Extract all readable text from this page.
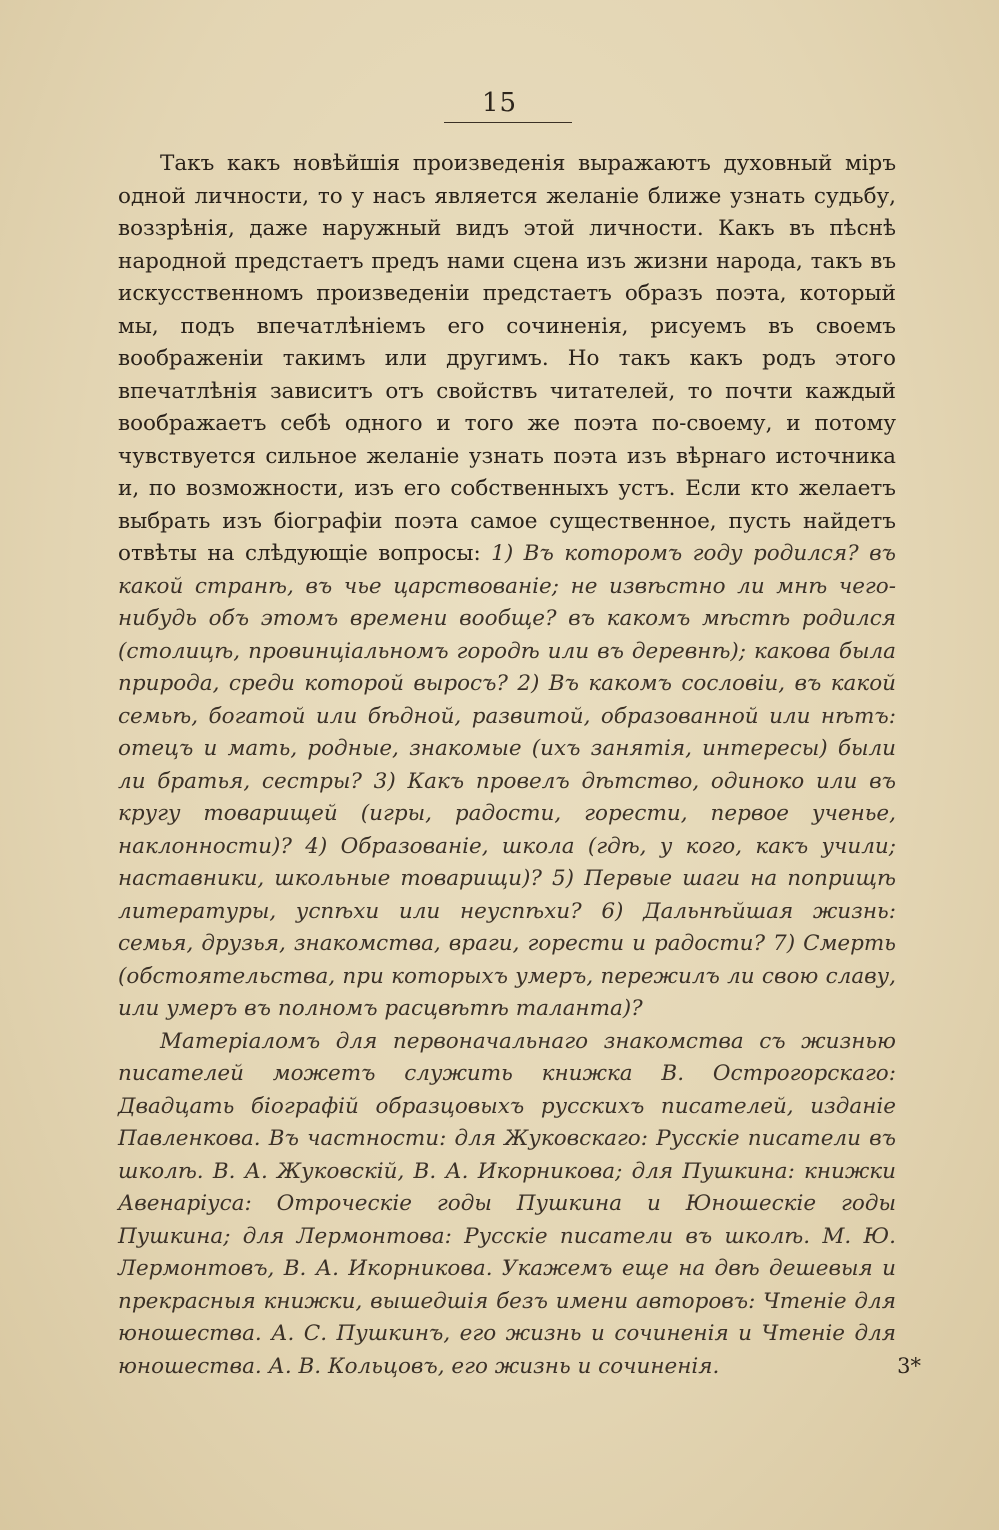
15

Такъ какъ новѣйшія произведенія выражаютъ духовный міръ одной личности, то у насъ является желаніе ближе узнать судьбу, воззрѣнія, даже наружный видъ этой личности. Какъ въ пѣснѣ народной предстаетъ предъ нами сцена изъ жизни народа, такъ въ искусственномъ произведеніи предстаетъ образъ поэта, который мы, подъ впечатлѣніемъ его сочиненія, рисуемъ въ своемъ воображеніи такимъ или другимъ. Но такъ какъ родъ этого впечатлѣнія зависитъ отъ свойствъ читателей, то почти каждый воображаетъ себѣ одного и того же поэта по-своему, и потому чувствуется сильное желаніе узнать поэта изъ вѣрнаго источника и, по возможности, изъ его собственныхъ устъ. Если кто желаетъ выбрать изъ біографіи поэта самое существенное, пусть найдетъ отвѣты на слѣдующіе вопросы: 1) Въ которомъ году родился? въ какой странѣ, въ чье царствованіе; не извѣстно ли мнѣ чего-нибудь объ этомъ времени вообще? въ какомъ мѣстѣ родился (столицѣ, провинціальномъ городѣ или въ деревнѣ); какова была природа, среди которой выросъ? 2) Въ какомъ сословіи, въ какой семьѣ, богатой или бѣдной, развитой, образованной или нѣтъ: отецъ и мать, родные, знакомые (ихъ занятія, интересы) были ли братья, сестры? 3) Какъ провелъ дѣтство, одиноко или въ кругу товарищей (игры, радости, горести, первое ученье, наклонности)? 4) Образованіе, школа (гдѣ, у кого, какъ учили; наставники, школьные товарищи)? 5) Первые шаги на поприщѣ литературы, успѣхи или неуспѣхи? 6) Дальнѣйшая жизнь: семья, друзья, знакомства, враги, горести и радости? 7) Смерть (обстоятельства, при которыхъ умеръ, пережилъ ли свою славу, или умеръ въ полномъ расцвѣтѣ таланта)?

Матеріаломъ для первоначальнаго знакомства съ жизнью писателей можетъ служить книжка В. Острогорскаго: Двадцать біографій образцовыхъ русскихъ писателей, изданіе Павленкова. Въ частности: для Жуковскаго: Русскіе писатели въ школѣ. В. А. Жуковскій, В. А. Икорникова; для Пушкина: книжки Авенаріуса: Отроческіе годы Пушкина и Юношескіе годы Пушкина; для Лермонтова: Русскіе писатели въ школѣ. М. Ю. Лермонтовъ, В. А. Икорникова. Укажемъ еще на двѣ дешевыя и прекрасныя книжки, вышедшія безъ имени авторовъ: Чтеніе для юношества. А. С. Пушкинъ, его жизнь и сочиненія и Чтеніе для юношества. А. В. Кольцовъ, его жизнь и сочиненія.	3*
